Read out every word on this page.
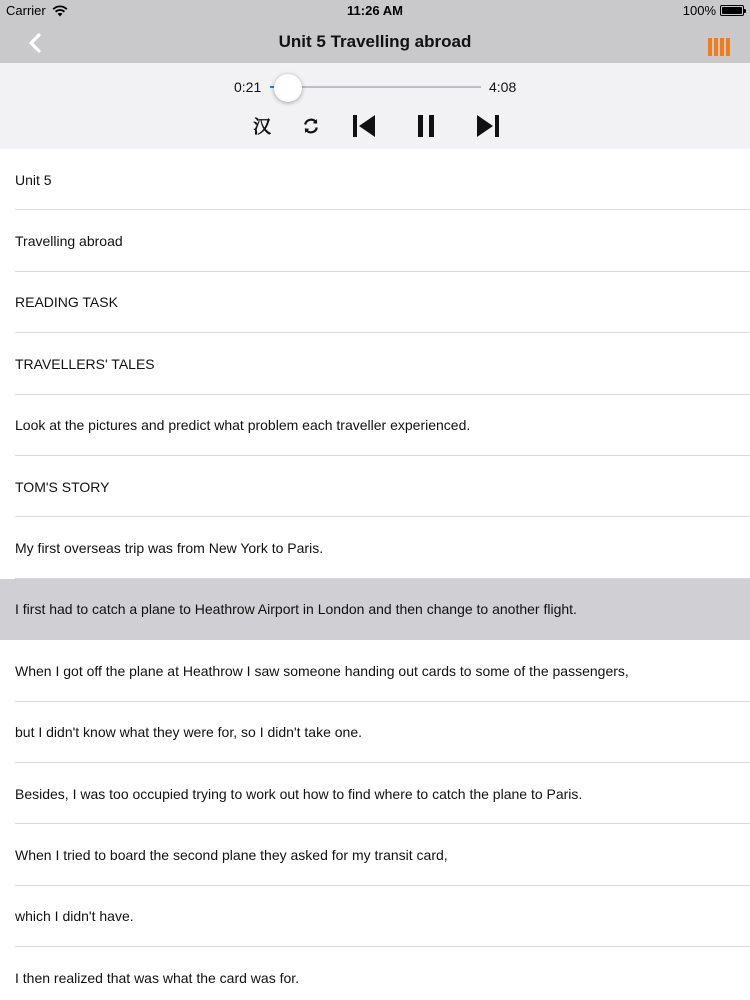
Carrier	11:26 AM	100%
Unit 5 Travelling abroad
0:21	4:08
汉
Unit 5
Travelling abroad
READING TASK
TRAVELLERS' TALES
Look at the pictures and predict what problem each traveller experienced.
TOM'S STORY
My first overseas trip was from New York to Paris.
I first had to catch a plane to Heathrow Airport in London and then change to another flight.
When I got off the plane at Heathrow I saw someone handing out cards to some of the passengers,
but I didn't know what they were for, so I didn't take one.
Besides, I was too occupied trying to work out how to find where to catch the plane to Paris.
When I tried to board the second plane they asked for my transit card,
which I didn't have.
I then realized that was what the card was for.
